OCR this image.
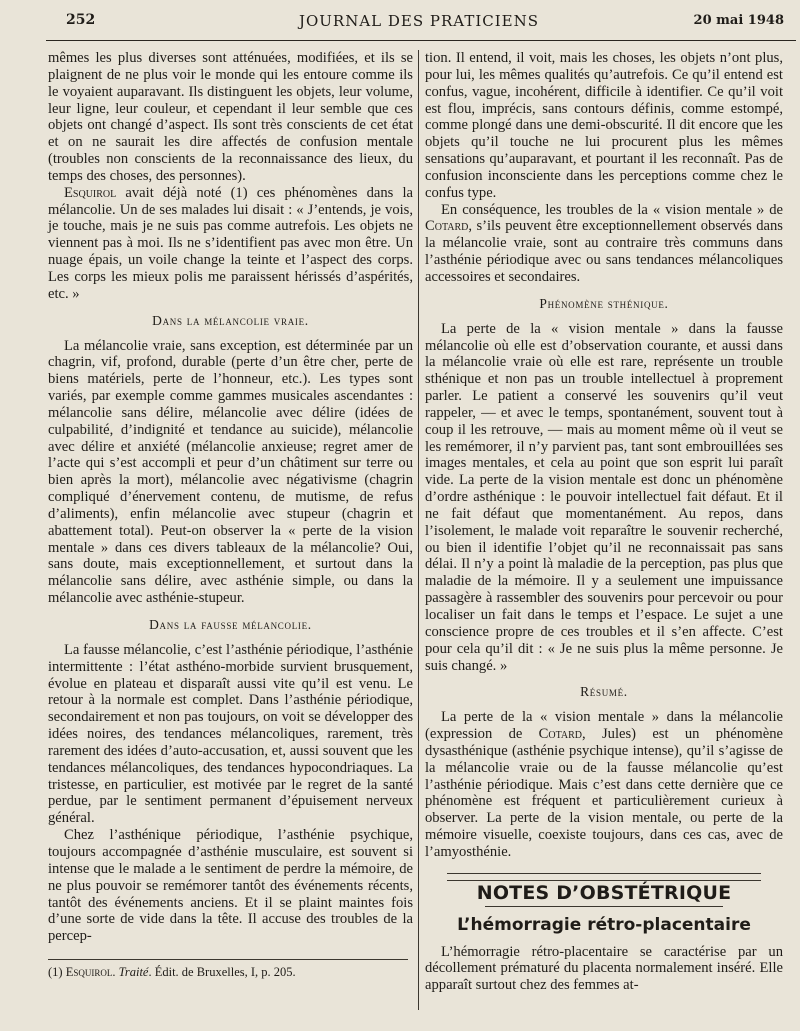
252	JOURNAL DES PRATICIENS	20 mai 1948

mêmes les plus diverses sont atténuées, modifiées, et ils se plaignent de ne plus voir le monde qui les entoure comme ils le voyaient auparavant. Ils distinguent les objets, leur volume, leur ligne, leur couleur, et cependant il leur semble que ces objets ont changé d’aspect. Ils sont très conscients de cet état et on ne saurait les dire affectés de confusion mentale (troubles non conscients de la reconnaissance des lieux, du temps des choses, des personnes).

Esquirol avait déjà noté (1) ces phénomènes dans la mélancolie. Un de ses malades lui disait : « J’entends, je vois, je touche, mais je ne suis pas comme autrefois. Les objets ne viennent pas à moi. Ils ne s’identifient pas avec mon être. Un nuage épais, un voile change la teinte et l’aspect des corps. Les corps les mieux polis me paraissent hérissés d’aspérités, etc. »

Dans la mélancolie vraie.

La mélancolie vraie, sans exception, est déterminée par un chagrin, vif, profond, durable (perte d’un être cher, perte de biens matériels, perte de l’honneur, etc.). Les types sont variés, par exemple comme gammes musicales ascendantes : mélancolie sans délire, mélancolie avec délire (idées de culpabilité, d’indignité et tendance au suicide), mélancolie avec délire et anxiété (mélancolie anxieuse; regret amer de l’acte qui s’est accompli et peur d’un châtiment sur terre ou bien après la mort), mélancolie avec négativisme (chagrin compliqué d’énervement contenu, de mutisme, de refus d’aliments), enfin mélancolie avec stupeur (chagrin et abattement total). Peut-on observer la « perte de la vision mentale » dans ces divers tableaux de la mélancolie? Oui, sans doute, mais exceptionnellement, et surtout dans la mélancolie sans délire, avec asthénie simple, ou dans la mélancolie avec asthénie-stupeur.

Dans la fausse mélancolie.

La fausse mélancolie, c’est l’asthénie périodique, l’asthénie intermittente : l’état asthéno-morbide survient brusquement, évolue en plateau et disparaît aussi vite qu’il est venu. Le retour à la normale est complet. Dans l’asthénie périodique, secondairement et non pas toujours, on voit se développer des idées noires, des tendances mélancoliques, rarement, très rarement des idées d’auto-accusation, et, aussi souvent que les tendances mélancoliques, des tendances hypocondriaques. La tristesse, en particulier, est motivée par le regret de la santé perdue, par le sentiment permanent d’épuisement nerveux général.

Chez l’asthénique périodique, l’asthénie psychique, toujours accompagnée d’asthénie musculaire, est souvent si intense que le malade a le sentiment de perdre la mémoire, de ne plus pouvoir se remémorer tantôt des événements récents, tantôt des événements anciens. Et il se plaint maintes fois d’une sorte de vide dans la tête. Il accuse des troubles de la percep-

(1) Esquirol. Traité. Édit. de Bruxelles, I, p. 205.

tion. Il entend, il voit, mais les choses, les objets n’ont plus, pour lui, les mêmes qualités qu’autrefois. Ce qu’il entend est confus, vague, incohérent, difficile à identifier. Ce qu’il voit est flou, imprécis, sans contours définis, comme estompé, comme plongé dans une demi-obscurité. Il dit encore que les objets qu’il touche ne lui procurent plus les mêmes sensations qu’auparavant, et pourtant il les reconnaît. Pas de confusion inconsciente dans les perceptions comme chez le confus type.

En conséquence, les troubles de la « vision mentale » de Cotard, s’ils peuvent être exceptionnellement observés dans la mélancolie vraie, sont au contraire très communs dans l’asthénie périodique avec ou sans tendances mélancoliques accessoires et secondaires.

Phénomène sthénique.

La perte de la « vision mentale » dans la fausse mélancolie où elle est d’observation courante, et aussi dans la mélancolie vraie où elle est rare, représente un trouble sthénique et non pas un trouble intellectuel à proprement parler. Le patient a conservé les souvenirs qu’il veut rappeler, — et avec le temps, spontanément, souvent tout à coup il les retrouve, — mais au moment même où il veut se les remémorer, il n’y parvient pas, tant sont embrouillées ses images mentales, et cela au point que son esprit lui paraît vide. La perte de la vision mentale est donc un phénomène d’ordre asthénique : le pouvoir intellectuel fait défaut. Et il ne fait défaut que momentanément. Au repos, dans l’isolement, le malade voit reparaître le souvenir recherché, ou bien il identifie l’objet qu’il ne reconnaissait pas sans délai. Il n’y a point là maladie de la perception, pas plus que maladie de la mémoire. Il y a seulement une impuissance passagère à rassembler des souvenirs pour percevoir ou pour localiser un fait dans le temps et l’espace. Le sujet a une conscience propre de ces troubles et il s’en affecte. C’est pour cela qu’il dit : « Je ne suis plus la même personne. Je suis changé. »

Résumé.

La perte de la « vision mentale » dans la mélancolie (expression de Cotard, Jules) est un phénomène dysasthénique (asthénie psychique intense), qu’il s’agisse de la mélancolie vraie ou de la fausse mélancolie qu’est l’asthénie périodique. Mais c’est dans cette dernière que ce phénomène est fréquent et particulièrement curieux à observer. La perte de la vision mentale, ou perte de la mémoire visuelle, coexiste toujours, dans ces cas, avec de l’amyosthénie.

NOTES D’OBSTÉTRIQUE
L’hémorragie rétro-placentaire

L’hémorragie rétro-placentaire se caractérise par un décollement prématuré du placenta normalement inséré. Elle apparaît surtout chez des femmes at-
